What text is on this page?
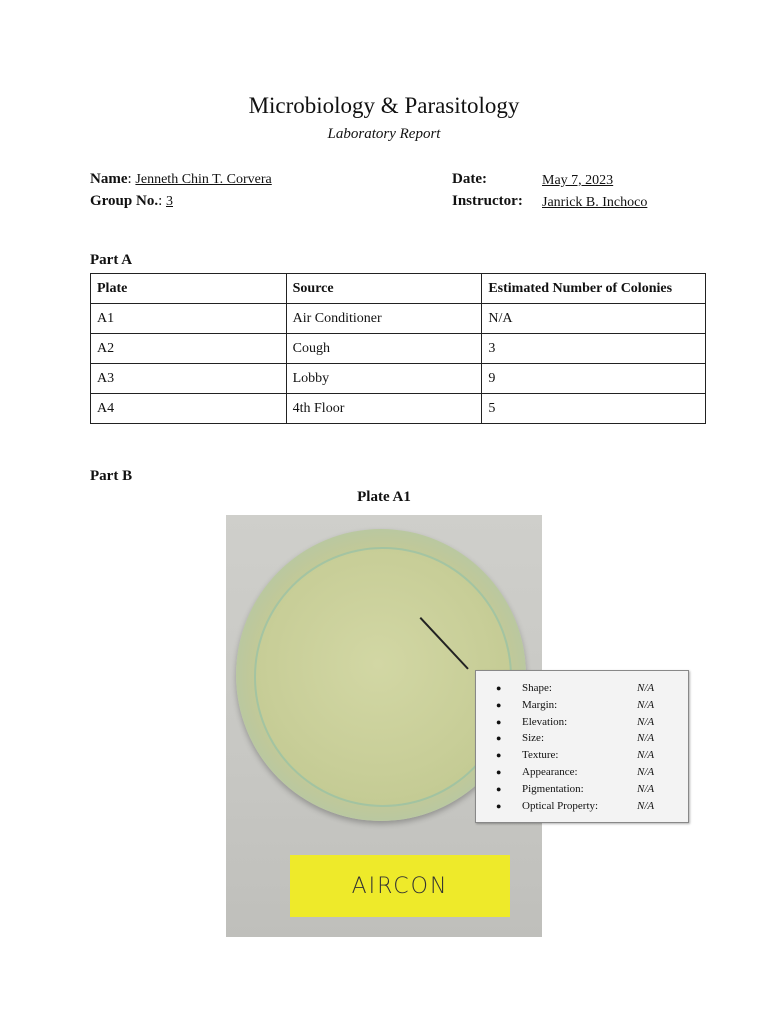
Microbiology & Parasitology
Laboratory Report
Name: Jenneth Chin T. Corvera
Group No.: 3
Date:	May 7, 2023
Instructor: Janrick B. Inchoco
Part A
Plate	Source	Estimated Number of Colonies
A1	Air Conditioner	N/A
A2	Cough	3
A3	Lobby	9
A4	4th Floor	5
Part B
Plate A1
AIRCON
● Shape:	N/A
● Margin:	N/A
● Elevation:	N/A
● Size:	N/A
● Texture:	N/A
● Appearance:	N/A
● Pigmentation:	N/A
● Optical Property:	N/A
